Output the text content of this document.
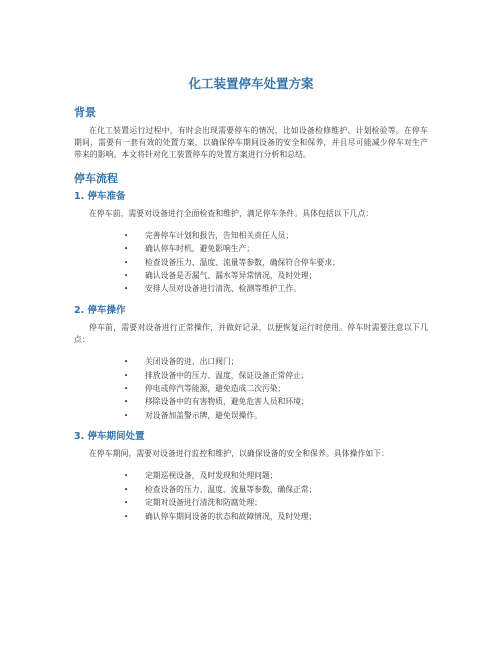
化工装置停车处置方案
背景

在化工装置运行过程中，有时会出现需要停车的情况，比如设备检修维护、计划检验等。在停车期间，需要有一套有效的处置方案，以确保停车期间设备的安全和保养，并且尽可能减少停车对生产带来的影响。本文将针对化工装置停车的处置方案进行分析和总结。

停车流程
1. 停车准备

在停车前，需要对设备进行全面检查和维护，满足停车条件。具体包括以下几点：

• 完善停车计划和报告，告知相关责任人员；
• 确认停车时机，避免影响生产；
• 检查设备压力、温度、流量等参数，确保符合停车要求；
• 确认设备是否漏气、漏水等异常情况，及时处理；
• 安排人员对设备进行清洗、检测等维护工作。
2. 停车操作

停车前，需要对设备进行正常操作，并做好记录，以便恢复运行时使用。停车时需要注意以下几点：

• 关闭设备的进、出口阀门；
• 排放设备中的压力、温度，保证设备正常停止；
• 停电或停汽等能源，避免造成二次污染；
• 移除设备中的有害物质，避免危害人员和环境；
• 对设备加盖警示牌，避免误操作。
3. 停车期间处置

在停车期间，需要对设备进行监控和维护，以确保设备的安全和保养。具体操作如下：

• 定期巡视设备，及时发现和处理问题；
• 检查设备的压力、温度、流量等参数，确保正常；
• 定期对设备进行清洗和防腐处理；
• 确认停车期间设备的状态和故障情况，及时处理；
